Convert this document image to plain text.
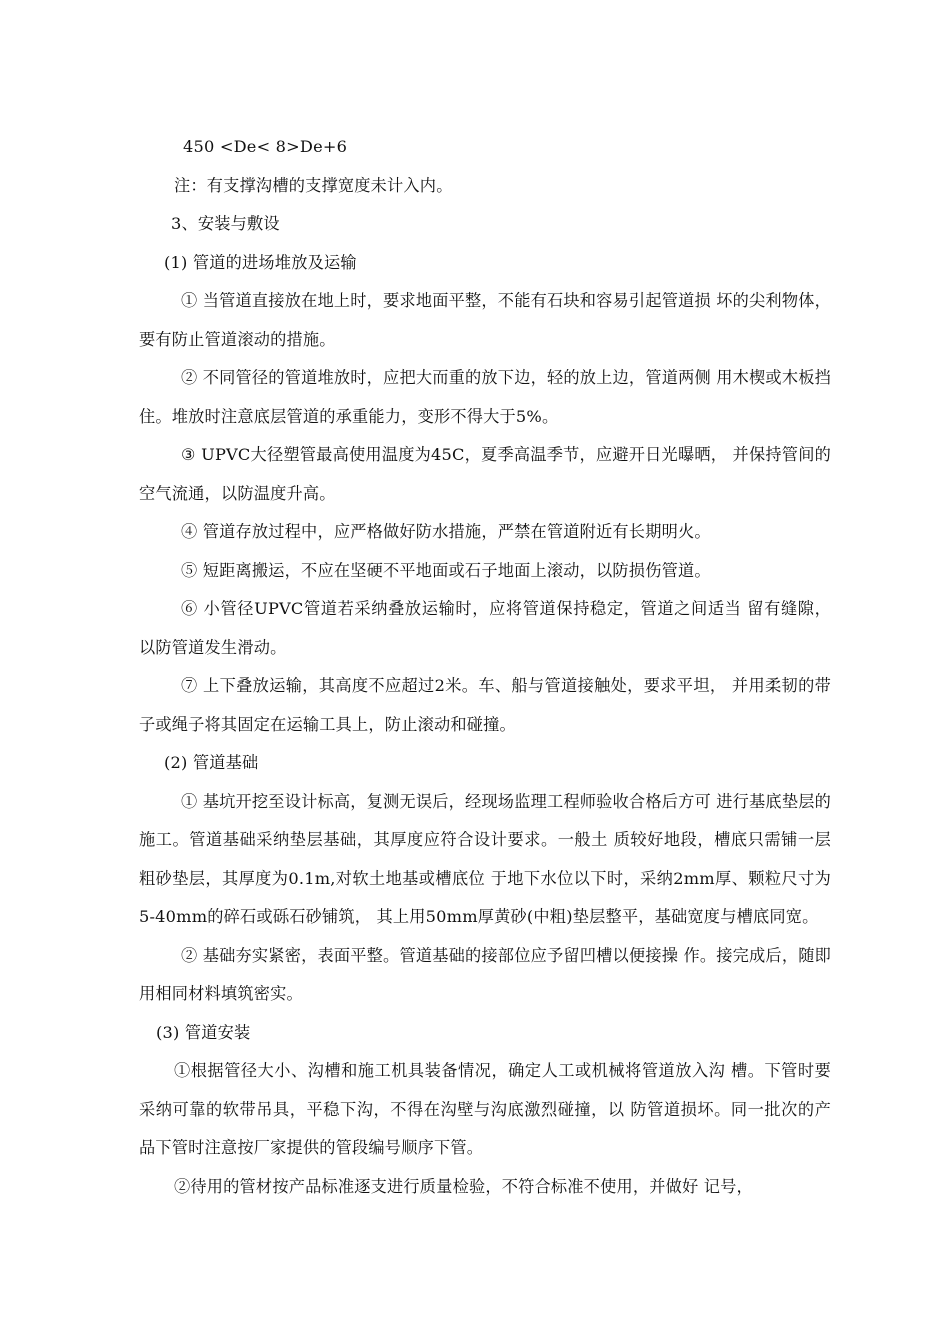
450 <De< 8>De+6

注：有支撑沟槽的支撑宽度未计入内。

3、安装与敷设

(1) 管道的进场堆放及运输

① 当管道直接放在地上时，要求地面平整，不能有石块和容易引起管道损 坏的尖利物体，要有防止管道滚动的措施。

② 不同管径的管道堆放时，应把大而重的放下边，轻的放上边，管道两侧 用木楔或木板挡住。堆放时注意底层管道的承重能力，变形不得大于5%。

③ UPVC大径塑管最高使用温度为45C，夏季高温季节，应避开日光曝晒， 并保持管间的空气流通，以防温度升高。

④ 管道存放过程中，应严格做好防水措施，严禁在管道附近有长期明火。

⑤ 短距离搬运，不应在坚硬不平地面或石子地面上滚动，以防损伤管道。

⑥ 小管径UPVC管道若采纳叠放运输时，应将管道保持稳定，管道之间适当 留有缝隙，以防管道发生滑动。

⑦ 上下叠放运输，其高度不应超过2米。车、船与管道接触处，要求平坦， 并用柔韧的带子或绳子将其固定在运输工具上，防止滚动和碰撞。

(2) 管道基础

① 基坑开挖至设计标高，复测无误后，经现场监理工程师验收合格后方可 进行基底垫层的施工。管道基础采纳垫层基础，其厚度应符合设计要求。一般土 质较好地段，槽底只需铺一层粗砂垫层，其厚度为0.1m,对软土地基或槽底位 于地下水位以下时，采纳2mm厚、颗粒尺寸为5-40mm的碎石或砾石砂铺筑， 其上用50mm厚黄砂(中粗)垫层整平，基础宽度与槽底同宽。

② 基础夯实紧密，表面平整。管道基础的接部位应予留凹槽以便接操 作。接完成后，随即用相同材料填筑密实。

(3) 管道安装

①根据管径大小、沟槽和施工机具装备情况，确定人工或机械将管道放入沟 槽。下管时要采纳可靠的软带吊具，平稳下沟，不得在沟壁与沟底激烈碰撞，以 防管道损坏。同一批次的产品下管时注意按厂家提供的管段编号顺序下管。

②待用的管材按产品标准逐支进行质量检验，不符合标准不使用，并做好 记号，
